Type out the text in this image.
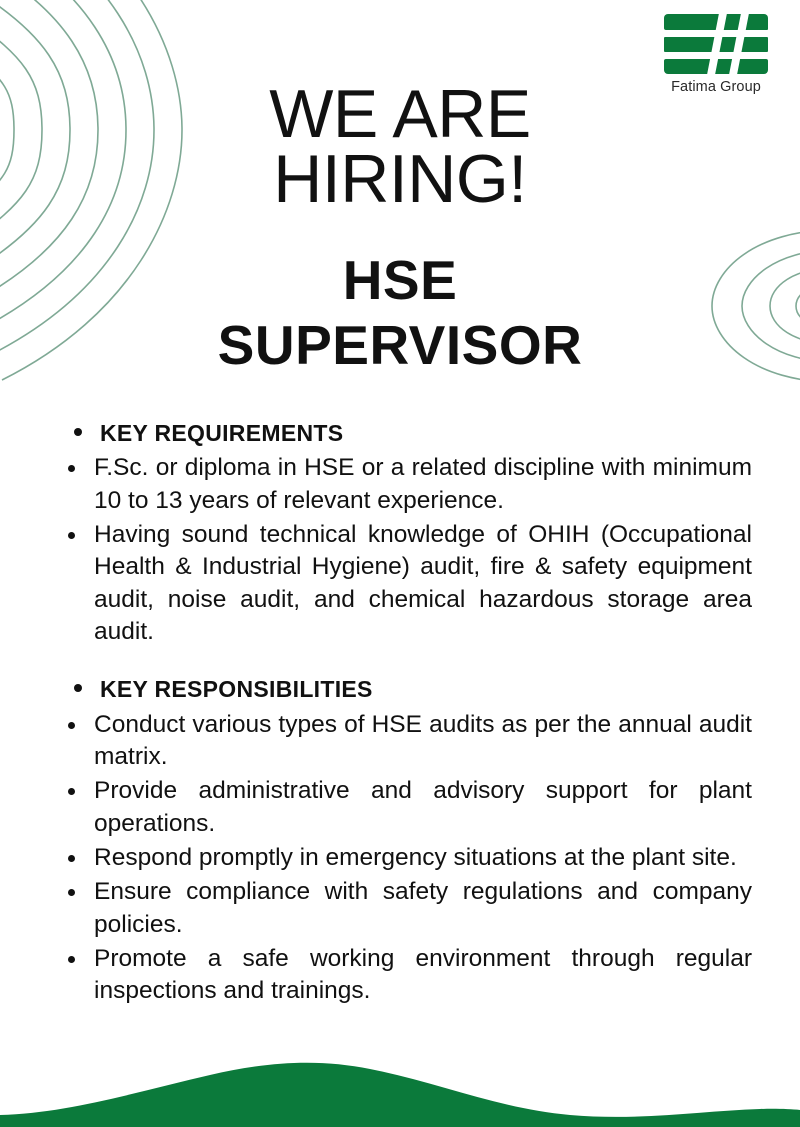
Fatima Group
WE ARE
HIRING!
HSE
SUPERVISOR
KEY REQUIREMENTS
F.Sc. or diploma in HSE or a related discipline with minimum 10 to 13 years of relevant experience.
Having sound technical knowledge of OHIH (Occupational Health & Industrial Hygiene) audit, fire & safety equipment audit, noise audit, and chemical hazardous storage area audit.
KEY RESPONSIBILITIES
Conduct various types of HSE audits as per the annual audit matrix.
Provide administrative and advisory support for plant operations.
Respond promptly in emergency situations at the plant site.
Ensure compliance with safety regulations and company policies.
Promote a safe working environment through regular inspections and trainings.
